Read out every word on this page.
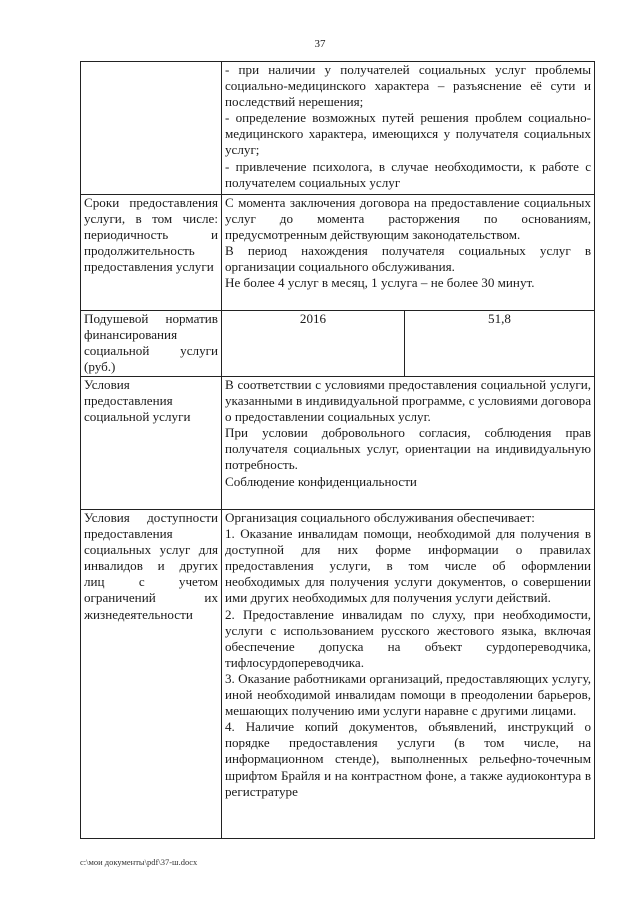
37

	- при наличии у получателей социальных услуг проблемы социально-медицинского характера – разъяснение её сути и последствий нерешения;

- определение возможных путей решения проблем социально-медицинского характера, имеющихся у получателя социальных услуг;

- привлечение психолога, в случае необходимости, к работе с получателем социальных услуг	

Сроки предоставления услуги, в том числе: периодичность и продолжительность предоставления услуги	С момента заключения договора на предоставление социальных услуг до момента расторжения по основаниям, предусмотренным действующим законодательством.

В период нахождения получателя социальных услуг в организации социального обслуживания.

Не более 4 услуг в месяц, 1 услуга – не более 30 минут.	

Подушевой норматив финансирования социальной услуги (руб.)	2016	51,8
Условия предоставления социальной услуги	В соответствии с условиями предоставления социальной услуги, указанными в индивидуальной программе, с условиями договора о предоставлении социальных услуг.

При условии добровольного согласия, соблюдения прав получателя социальных услуг, ориентации на индивидуальную потребность.

Соблюдение конфиденциальности	

Условия доступности предоставления социальных услуг для инвалидов и других лиц с учетом ограничений их жизнедеятельности	Организация социального обслуживания обеспечивает:

1. Оказание инвалидам помощи, необходимой для получения в доступной для них форме информации о правилах предоставления услуги, в том числе об оформлении необходимых для получения услуги документов, о совершении ими других необходимых для получения услуги действий.

2. Предоставление инвалидам по слуху, при необходимости, услуги с использованием русского жестового языка, включая обеспечение допуска на объект сурдопереводчика, тифлосурдопереводчика.

3. Оказание работниками организаций, предоставляющих услугу, иной необходимой инвалидам помощи в преодолении барьеров, мешающих получению ими услуги наравне с другими лицами.

4. Наличие копий документов, объявлений, инструкций о порядке предоставления услуги (в том числе, на информационном стенде), выполненных рельефно-точечным шрифтом Брайля и на контрастном фоне, а также аудиоконтура в регистратуре	

c:\мои документы\pdf\37-ш.docx
